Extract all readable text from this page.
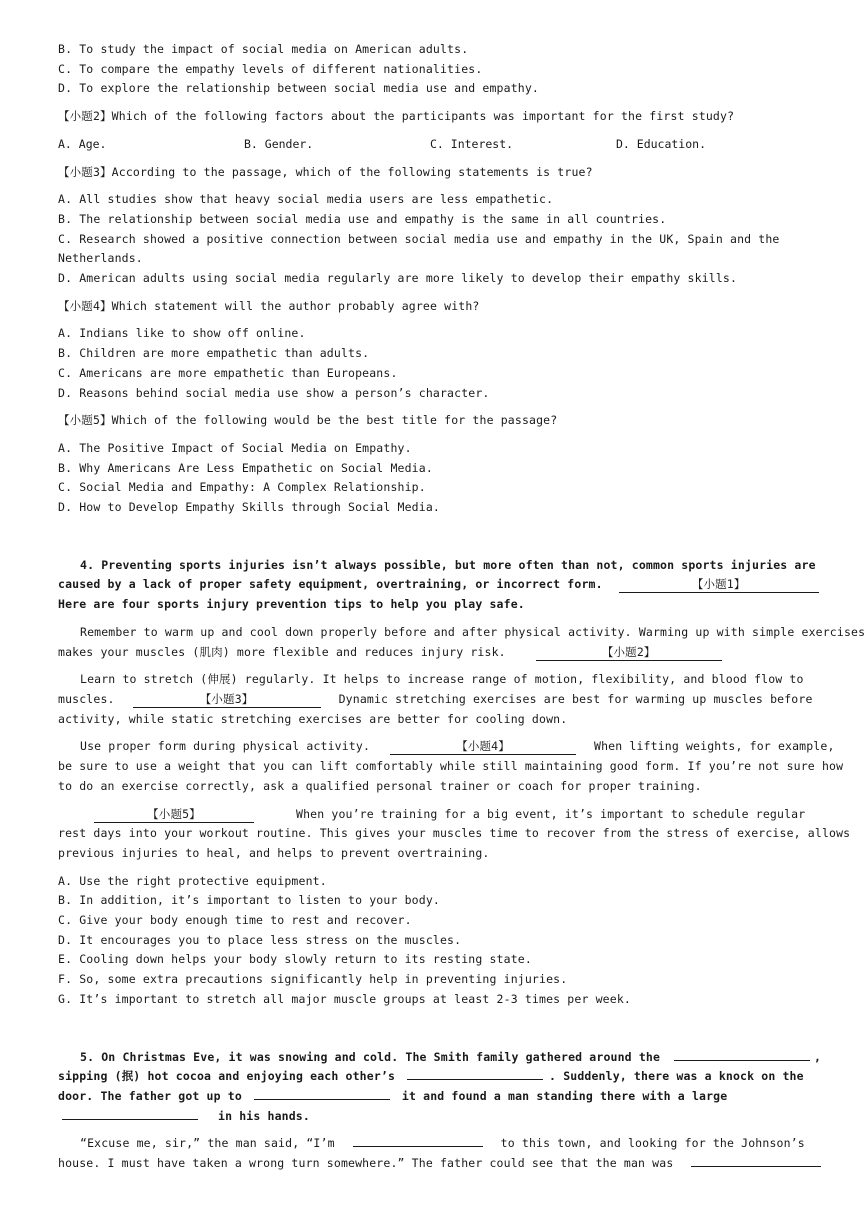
B. To study the impact of social media on American adults.
C. To compare the empathy levels of different nationalities.
D. To explore the relationship between social media use and empathy.
【小题2】Which of the following factors about the participants was important for the first study?
A. Age.	B. Gender.	C. Interest.	D. Education.
【小题3】According to the passage, which of the following statements is true?
A. All studies show that heavy social media users are less empathetic.
B. The relationship between social media use and empathy is the same in all countries.
C. Research showed a positive connection between social media use and empathy in the UK, Spain and the
Netherlands.
D. American adults using social media regularly are more likely to develop their empathy skills.
【小题4】Which statement will the author probably agree with?
A. Indians like to show off online.
B. Children are more empathetic than adults.
C. Americans are more empathetic than Europeans.
D. Reasons behind social media use show a person’s character.
【小题5】Which of the following would be the best title for the passage?
A. The Positive Impact of Social Media on Empathy.
B. Why Americans Are Less Empathetic on Social Media.
C. Social Media and Empathy: A Complex Relationship.
D. How to Develop Empathy Skills through Social Media.
4. Preventing sports injuries isn’t always possible, but more often than not, common sports injuries are
caused by a lack of proper safety equipment, overtraining, or incorrect form.	【小题1】
Here are four sports injury prevention tips to help you play safe.
Remember to warm up and cool down properly before and after physical activity. Warming up with simple exercises
makes your muscles (肌肉) more flexible and reduces injury risk.	【小题2】
Learn to stretch (伸展) regularly. It helps to increase range of motion, flexibility, and blood flow to
muscles.	【小题3】	Dynamic stretching exercises are best for warming up muscles before
activity, while static stretching exercises are better for cooling down.
Use proper form during physical activity.	【小题4】	When lifting weights, for example,
be sure to use a weight that you can lift comfortably while still maintaining good form. If you’re not sure how
to do an exercise correctly, ask a qualified personal trainer or coach for proper training.
【小题5】	When you’re training for a big event, it’s important to schedule regular
rest days into your workout routine. This gives your muscles time to recover from the stress of exercise, allows
previous injuries to heal, and helps to prevent overtraining.
A. Use the right protective equipment.
B. In addition, it’s important to listen to your body.
C. Give your body enough time to rest and recover.
D. It encourages you to place less stress on the muscles.
E. Cooling down helps your body slowly return to its resting state.
F. So, some extra precautions significantly help in preventing injuries.
G. It’s important to stretch all major muscle groups at least 2-3 times per week.
5. On Christmas Eve, it was snowing and cold. The Smith family gathered around the	,
sipping (抿) hot cocoa and enjoying each other’s	. Suddenly, there was a knock on the
door. The father got up to	it and found a man standing there with a large
in his hands.
“Excuse me, sir,” the man said, “I’m	to this town, and looking for the Johnson’s
house. I must have taken a wrong turn somewhere.” The father could see that the man was
